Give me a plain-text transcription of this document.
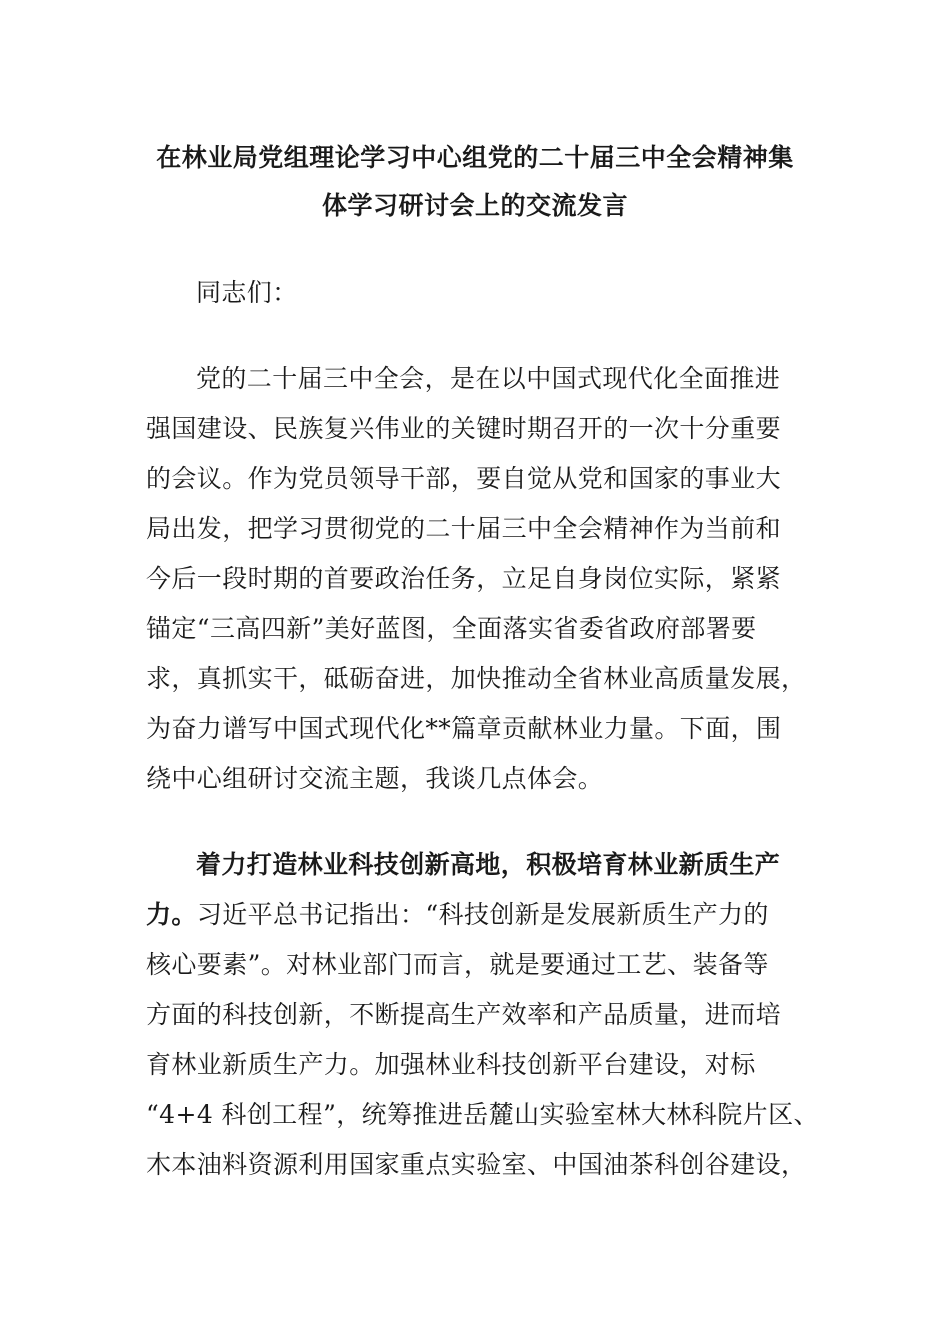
在林业局党组理论学习中心组党的二十届三中全会精神集
体学习研讨会上的交流发言
同志们：
党的二十届三中全会，是在以中国式现代化全面推进
强国建设、民族复兴伟业的关键时期召开的一次十分重要
的会议。作为党员领导干部，要自觉从党和国家的事业大
局出发，把学习贯彻党的二十届三中全会精神作为当前和
今后一段时期的首要政治任务，立足自身岗位实际，紧紧
锚定“三高四新”美好蓝图，全面落实省委省政府部署要
求，真抓实干，砥砺奋进，加快推动全省林业高质量发展，
为奋力谱写中国式现代化**篇章贡献林业力量。下面，围
绕中心组研讨交流主题，我谈几点体会。
着力打造林业科技创新高地，积极培育林业新质生产
力。习近平总书记指出：“科技创新是发展新质生产力的
核心要素”。对林业部门而言，就是要通过工艺、装备等
方面的科技创新，不断提高生产效率和产品质量，进而培
育林业新质生产力。加强林业科技创新平台建设，对标
“4+4 科创工程”，统筹推进岳麓山实验室林大林科院片区、
木本油料资源利用国家重点实验室、中国油茶科创谷建设，
